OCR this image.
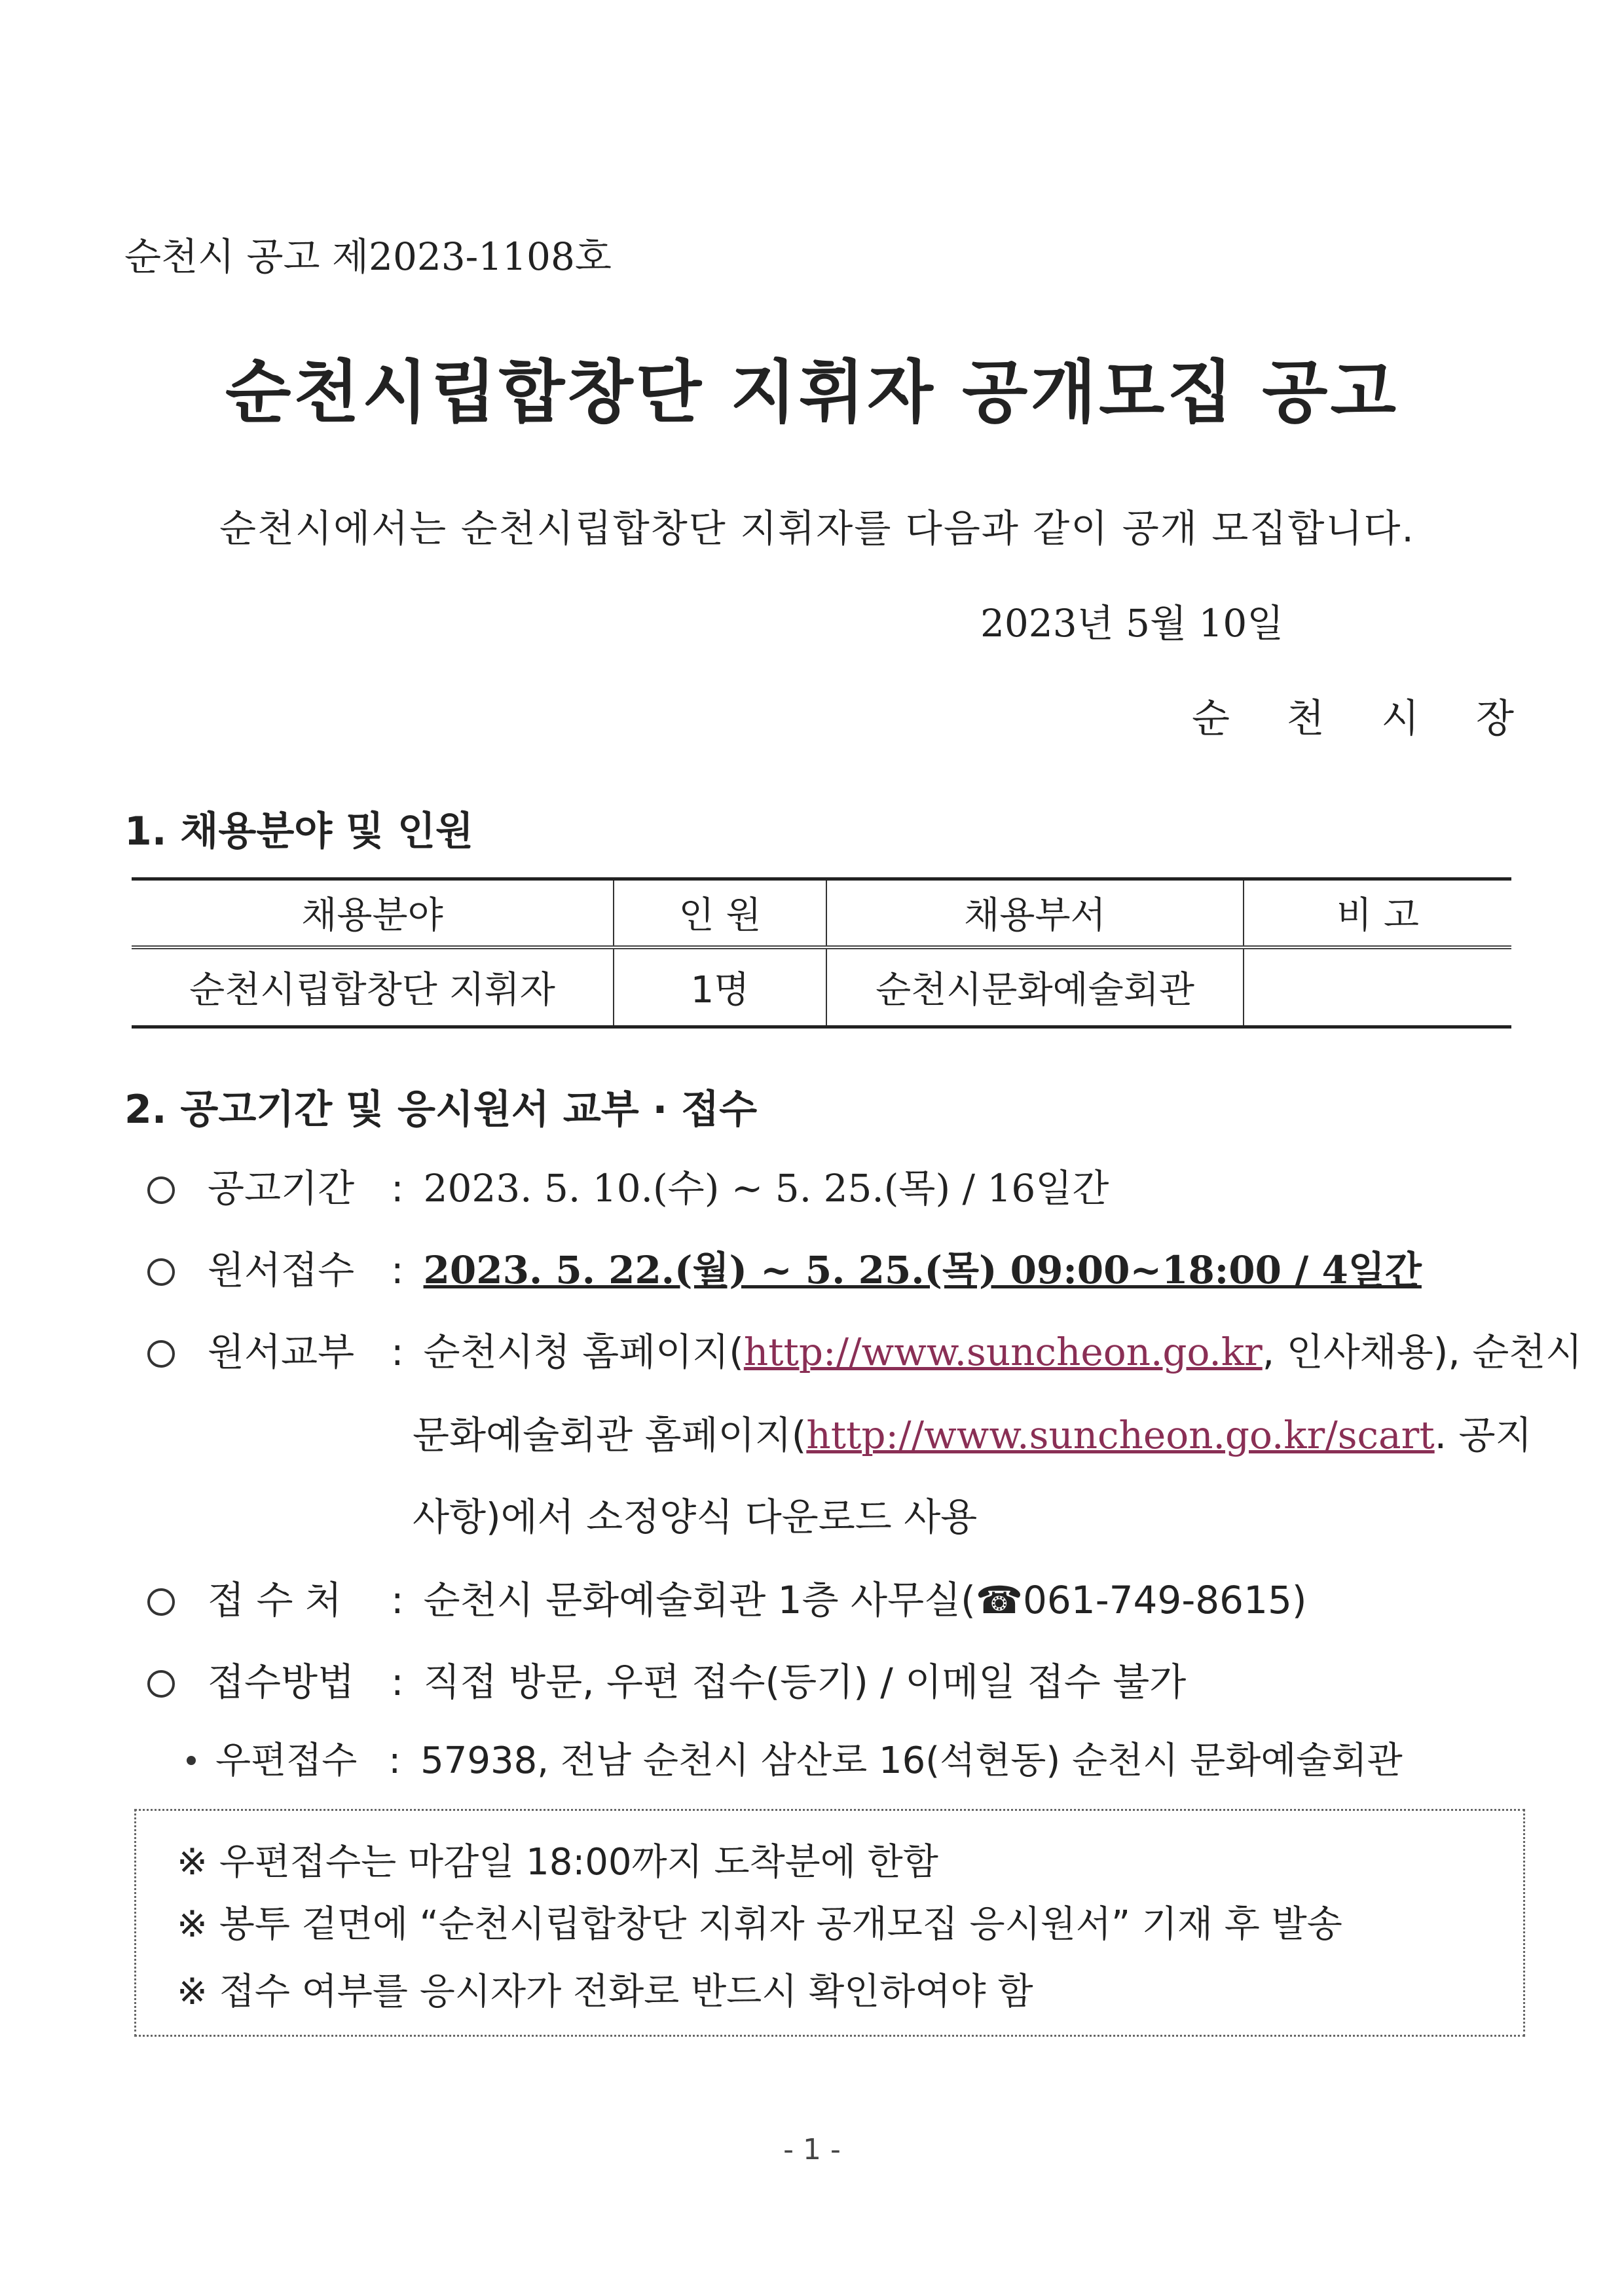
순천시 공고 제2023-1108호
순천시립합창단 지휘자 공개모집 공고
순천시에서는 순천시립합창단 지휘자를 다음과 같이 공개 모집합니다.
2023년 5월 10일
순 천 시 장
1. 채용분야 및 인원
채용분야	인 원	채용부서	비 고
순천시립합창단 지휘자	1명	순천시문화예술회관	
2. 공고기간 및 응시원서 교부 · 접수
공고기간 : 2023. 5. 10.(수) ~ 5. 25.(목) / 16일간
원서접수 : 2023. 5. 22.(월) ~ 5. 25.(목) 09:00~18:00 / 4일간
원서교부 : 순천시청 홈페이지( http://www.suncheon.go.kr , 인사채용), 순천시
문화예술회관 홈페이지(http://www.suncheon.go.kr/scart. 공지
사항)에서 소정양식 다운로드 사용
접 수 처	: 순천시 문화예술회관 1층 사무실(☎061-749-8615)
접수방법 : 직접 방문, 우편 접수(등기) / 이메일 접수 불가
우편접수 : 57938, 전남 순천시 삼산로 16(석현동) 순천시 문화예술회관
※ 우편접수는 마감일 18:00까지 도착분에 한함
※ 봉투 겉면에 “순천시립합창단 지휘자 공개모집 응시원서” 기재 후 발송
※ 접수 여부를 응시자가 전화로 반드시 확인하여야 함
- 1 -
